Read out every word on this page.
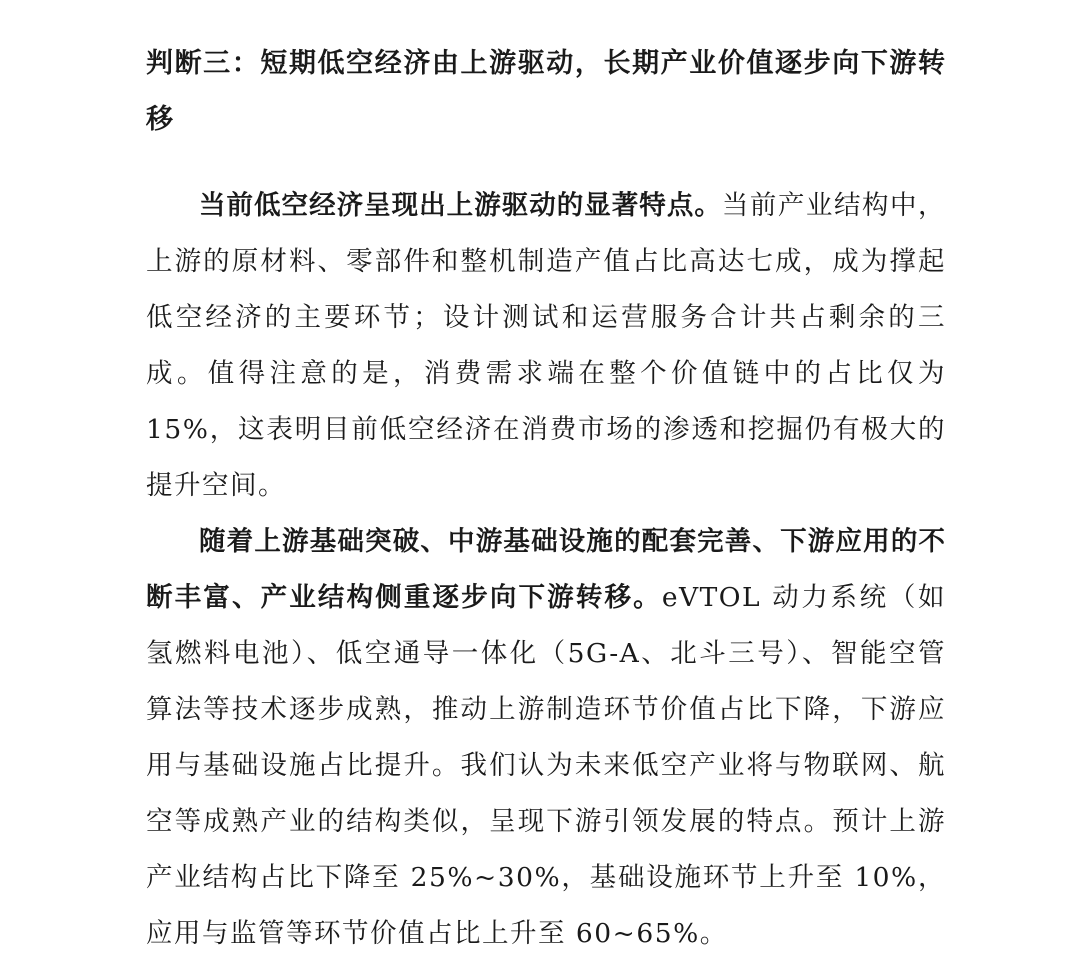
判断三：短期低空经济由上游驱动，长期产业价值逐步向下游转移

当前低空经济呈现出上游驱动的显著特点。当前产业结构中，上游的原材料、零部件和整机制造产值占比高达七成，成为撑起低空经济的主要环节；设计测试和运营服务合计共占剩余的三成。值得注意的是，消费需求端在整个价值链中的占比仅为 15%，这表明目前低空经济在消费市场的渗透和挖掘仍有极大的提升空间。

随着上游基础突破、中游基础设施的配套完善、下游应用的不断丰富、产业结构侧重逐步向下游转移。eVTOL 动力系统（如氢燃料电池）、低空通导一体化（5G-A、北斗三号）、智能空管算法等技术逐步成熟，推动上游制造环节价值占比下降，下游应用与基础设施占比提升。我们认为未来低空产业将与物联网、航空等成熟产业的结构类似，呈现下游引领发展的特点。预计上游产业结构占比下降至 25%~30%，基础设施环节上升至 10%，应用与监管等环节价值占比上升至 60~65%。
